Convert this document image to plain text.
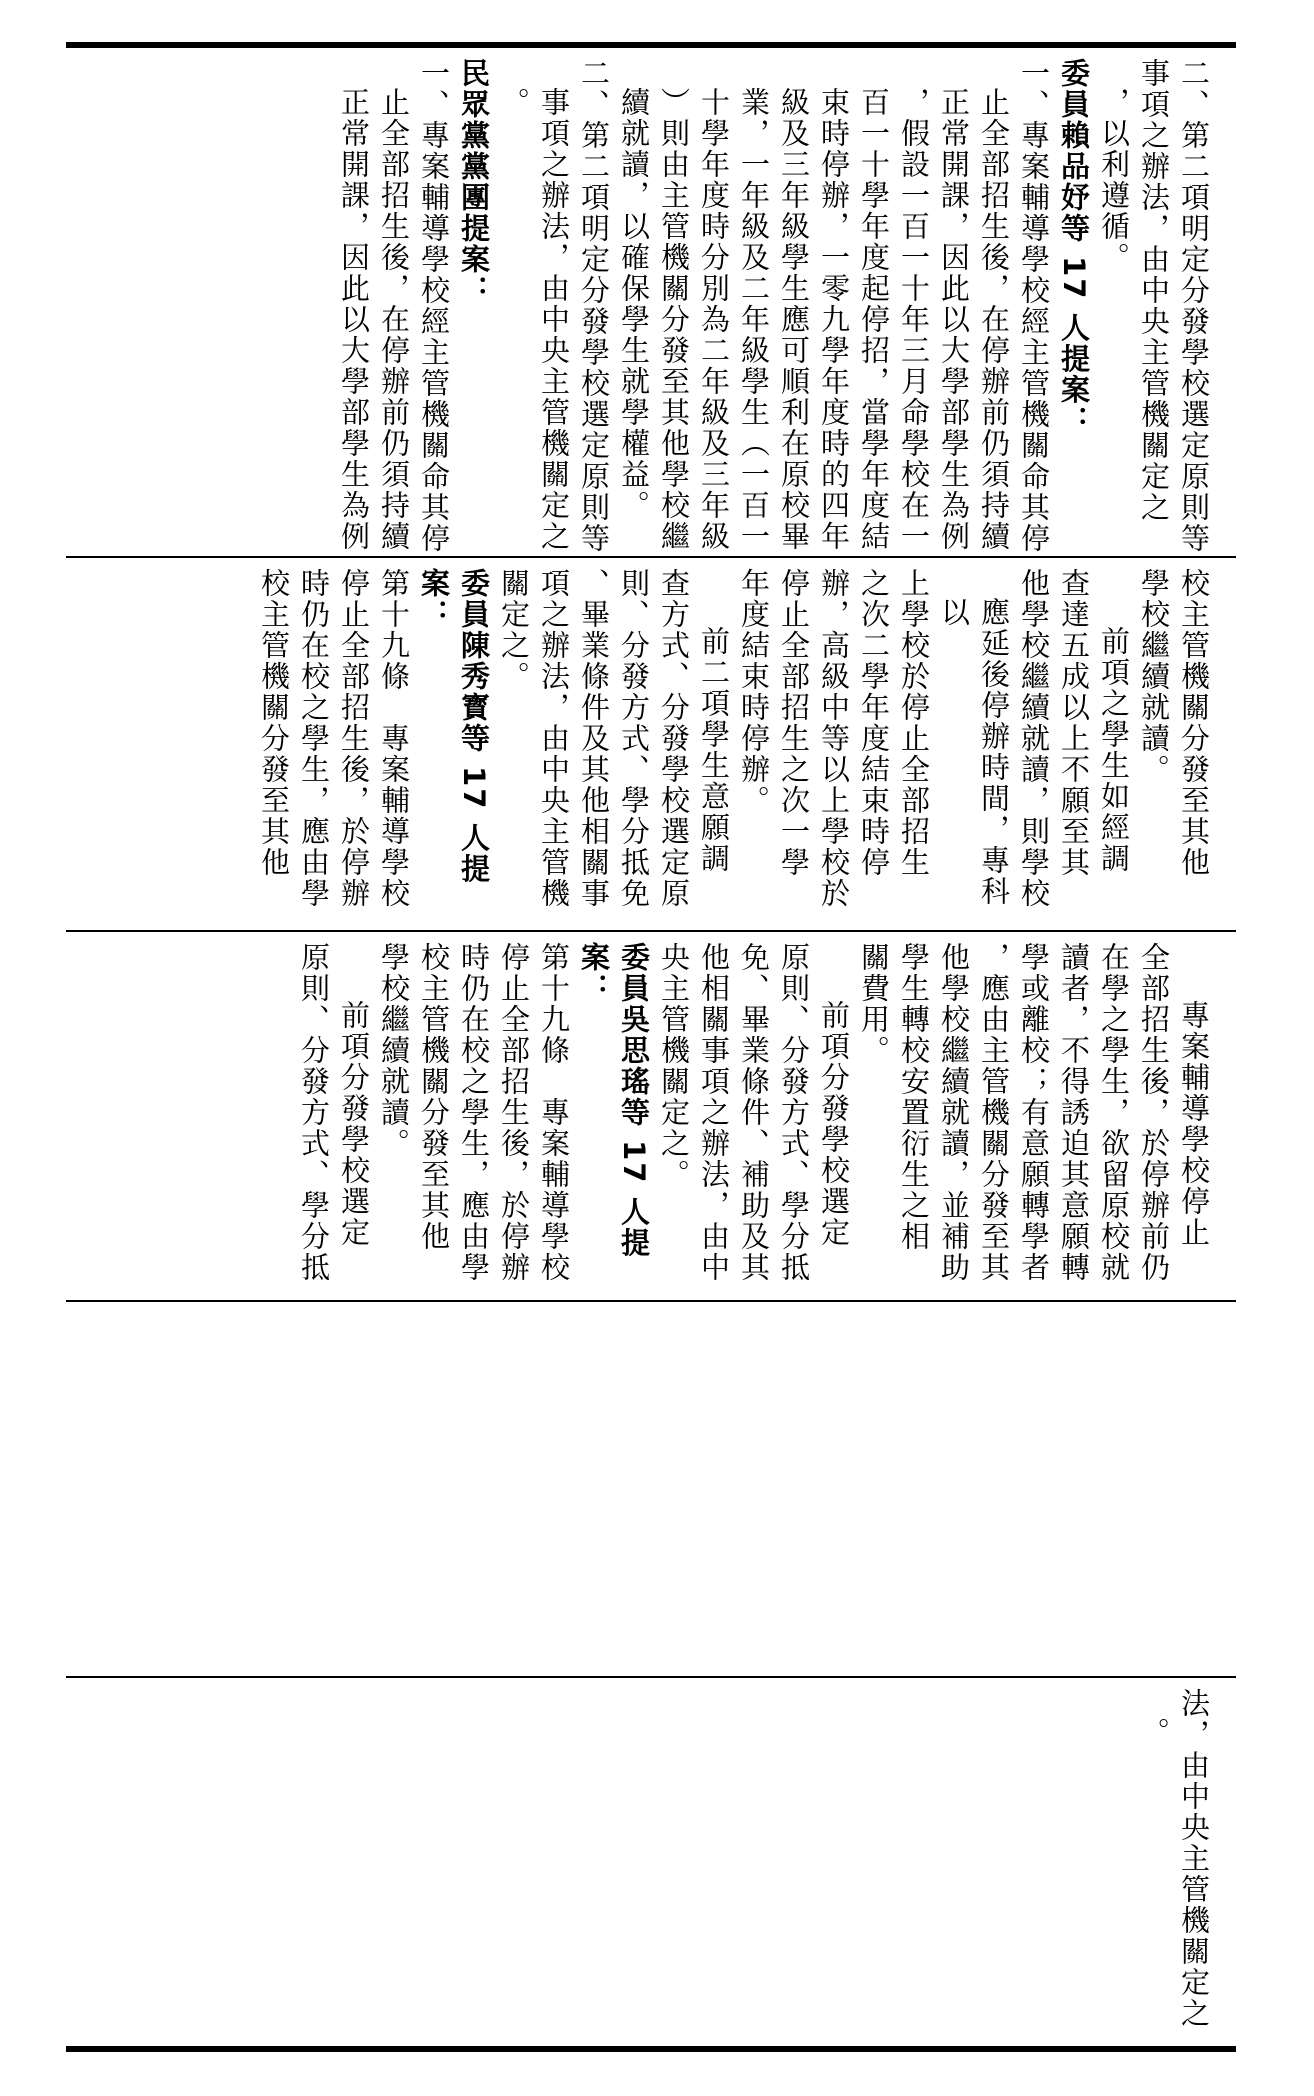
二、第二項明定分發學校選定原則等

事項之辦法，由中央主管機關定之

，以利遵循。

委員賴品妤等 17 人提案：

一、專案輔導學校經主管機關命其停

止全部招生後，在停辦前仍須持續

正常開課，因此以大學部學生為例

，假設一百一十年三月命學校在一

百一十學年度起停招，當學年度結

束時停辦，一零九學年度時的四年

級及三年級學生應可順利在原校畢

業，一年級及二年級學生（一百一

十學年度時分別為二年級及三年級

）則由主管機關分發至其他學校繼

續就讀，以確保學生就學權益。

二、第二項明定分發學校選定原則等

事項之辦法，由中央主管機關定之

。

民眾黨黨團提案：

一、專案輔導學校經主管機關命其停

止全部招生後，在停辦前仍須持續

正常開課，因此以大學部學生為例

校主管機關分發至其他

學校繼續就讀。

前項之學生如經調

查達五成以上不願至其

他學校繼續就讀，則學校

應延後停辦時間，專科以

上學校於停止全部招生

之次二學年度結束時停

辦，高級中等以上學校於

停止全部招生之次一學

年度結束時停辦。

前二項學生意願調

查方式、分發學校選定原

則、分發方式、學分抵免

、畢業條件及其他相關事

項之辦法，由中央主管機

關定之。

委員陳秀寳等 17 人提案：

第十九條　專案輔導學校

停止全部招生後，於停辦

時仍在校之學生，應由學

校主管機關分發至其他

專案輔導學校停止

全部招生後，於停辦前仍

在學之學生，欲留原校就

讀者，不得誘迫其意願轉

學或離校；有意願轉學者

，應由主管機關分發至其

他學校繼續就讀，並補助

學生轉校安置衍生之相

關費用。

前項分發學校選定

原則、分發方式、學分抵

免、畢業條件、補助及其

他相關事項之辦法，由中

央主管機關定之。

委員吳思瑤等 17 人提案：

第十九條　專案輔導學校

停止全部招生後，於停辦

時仍在校之學生，應由學

校主管機關分發至其他

學校繼續就讀。

前項分發學校選定

原則、分發方式、學分抵

法，由中央主管機關定之

。
